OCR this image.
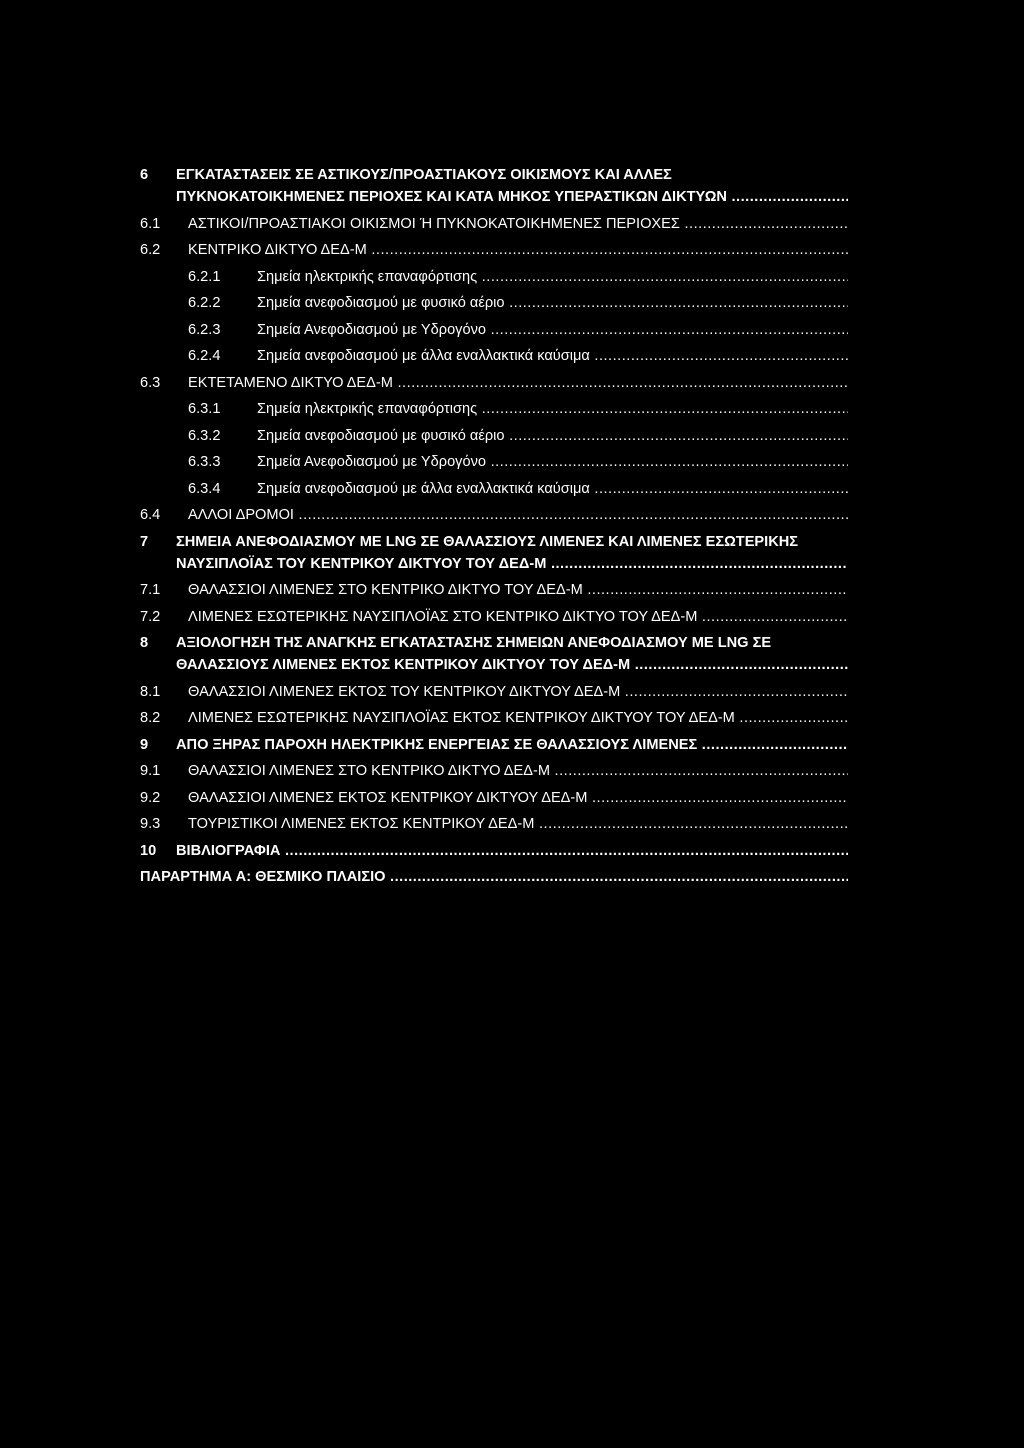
6 ΕΓΚΑΤΑΣΤΑΣΕΙΣ ΣΕ ΑΣΤΙΚΟΥΣ/ΠΡΟΑΣΤΙΑΚΟΥΣ ΟΙΚΙΣΜΟΥΣ ΚΑΙ ΑΛΛΕΣ
ΠΥΚΝΟΚΑΤΟΙΚΗΜΕΝΕΣ ΠΕΡΙΟΧΕΣ ΚΑΙ ΚΑΤΑ ΜΗΚΟΣ ΥΠΕΡΑΣΤΙΚΩΝ ΔΙΚΤΥΩΝ .....
6.1 ΑΣΤΙΚΟΙ/ΠΡΟΑΣΤΙΑΚΟΙ ΟΙΚΙΣΜΟΙ Ή ΠΥΚΝΟΚΑΤΟΙΚΗΜΕΝΕΣ ΠΕΡΙΟΧΕΣ .....
6.2 ΚΕΝΤΡΙΚΟ ΔΙΚΤΥΟ ΔΕΔ-Μ .....
6.2.1	Σημεία ηλεκτρικής επαναφόρτισης .....
6.2.2	Σημεία ανεφοδιασμού με φυσικό αέριο .....
6.2.3	Σημεία Ανεφοδιασμού με Υδρογόνο .....
6.2.4	Σημεία ανεφοδιασμού με άλλα εναλλακτικά καύσιμα .....
6.3 ΕΚΤΕΤΑΜΕΝΟ ΔΙΚΤΥΟ ΔΕΔ-Μ .....
6.3.1	Σημεία ηλεκτρικής επαναφόρτισης .....
6.3.2	Σημεία ανεφοδιασμού με φυσικό αέριο .....
6.3.3	Σημεία Ανεφοδιασμού με Υδρογόνο .....
6.3.4	Σημεία ανεφοδιασμού με άλλα εναλλακτικά καύσιμα .....
6.4 ΑΛΛΟΙ ΔΡΟΜΟΙ .....
7 ΣΗΜΕΙΑ ΑΝΕΦΟΔΙΑΣΜΟΥ ΜΕ LNG ΣΕ ΘΑΛΑΣΣΙΟΥΣ ΛΙΜΕΝΕΣ ΚΑΙ ΛΙΜΕΝΕΣ ΕΣΩΤΕΡΙΚΗΣ
ΝΑΥΣΙΠΛΟΪΑΣ ΤΟΥ ΚΕΝΤΡΙΚΟΥ ΔΙΚΤΥΟΥ ΤΟΥ ΔΕΔ-Μ .....
7.1 ΘΑΛΑΣΣΙΟΙ ΛΙΜΕΝΕΣ ΣΤΟ ΚΕΝΤΡΙΚΟ ΔΙΚΤΥΟ ΤΟΥ ΔΕΔ-Μ .....
7.2 ΛΙΜΕΝΕΣ ΕΣΩΤΕΡΙΚΗΣ ΝΑΥΣΙΠΛΟΪΑΣ ΣΤΟ ΚΕΝΤΡΙΚΟ ΔΙΚΤΥΟ ΤΟΥ ΔΕΔ-Μ .....
8 ΑΞΙΟΛΟΓΗΣΗ ΤΗΣ ΑΝΑΓΚΗΣ ΕΓΚΑΤΑΣΤΑΣΗΣ ΣΗΜΕΙΩΝ ΑΝΕΦΟΔΙΑΣΜΟΥ ΜΕ LNG ΣΕ
ΘΑΛΑΣΣΙΟΥΣ ΛΙΜΕΝΕΣ ΕΚΤΟΣ ΚΕΝΤΡΙΚΟΥ ΔΙΚΤΥΟΥ ΤΟΥ ΔΕΔ-Μ .....
8.1 ΘΑΛΑΣΣΙΟΙ ΛΙΜΕΝΕΣ ΕΚΤΟΣ ΤΟΥ ΚΕΝΤΡΙΚΟΥ ΔΙΚΤΥΟΥ ΔΕΔ-Μ .....
8.2 ΛΙΜΕΝΕΣ ΕΣΩΤΕΡΙΚΗΣ ΝΑΥΣΙΠΛΟΪΑΣ ΕΚΤΟΣ ΚΕΝΤΡΙΚΟΥ ΔΙΚΤΥΟΥ ΤΟΥ ΔΕΔ-Μ .....
9 ΑΠΟ ΞΗΡΑΣ ΠΑΡΟΧΗ ΗΛΕΚΤΡΙΚΗΣ ΕΝΕΡΓΕΙΑΣ ΣΕ ΘΑΛΑΣΣΙΟΥΣ ΛΙΜΕΝΕΣ .....
9.1 ΘΑΛΑΣΣΙΟΙ ΛΙΜΕΝΕΣ ΣΤΟ ΚΕΝΤΡΙΚΟ ΔΙΚΤΥΟ ΔΕΔ-Μ .....
9.2 ΘΑΛΑΣΣΙΟΙ ΛΙΜΕΝΕΣ ΕΚΤΟΣ ΚΕΝΤΡΙΚΟΥ ΔΙΚΤΥΟΥ ΔΕΔ-Μ .....
9.3 ΤΟΥΡΙΣΤΙΚΟΙ ΛΙΜΕΝΕΣ ΕΚΤΟΣ ΚΕΝΤΡΙΚΟΥ ΔΕΔ-Μ .....
10 ΒΙΒΛΙΟΓΡΑΦΙΑ .....
ΠΑΡΑΡΤΗΜΑ Α: ΘΕΣΜΙΚΟ ΠΛΑΙΣΙΟ .....
